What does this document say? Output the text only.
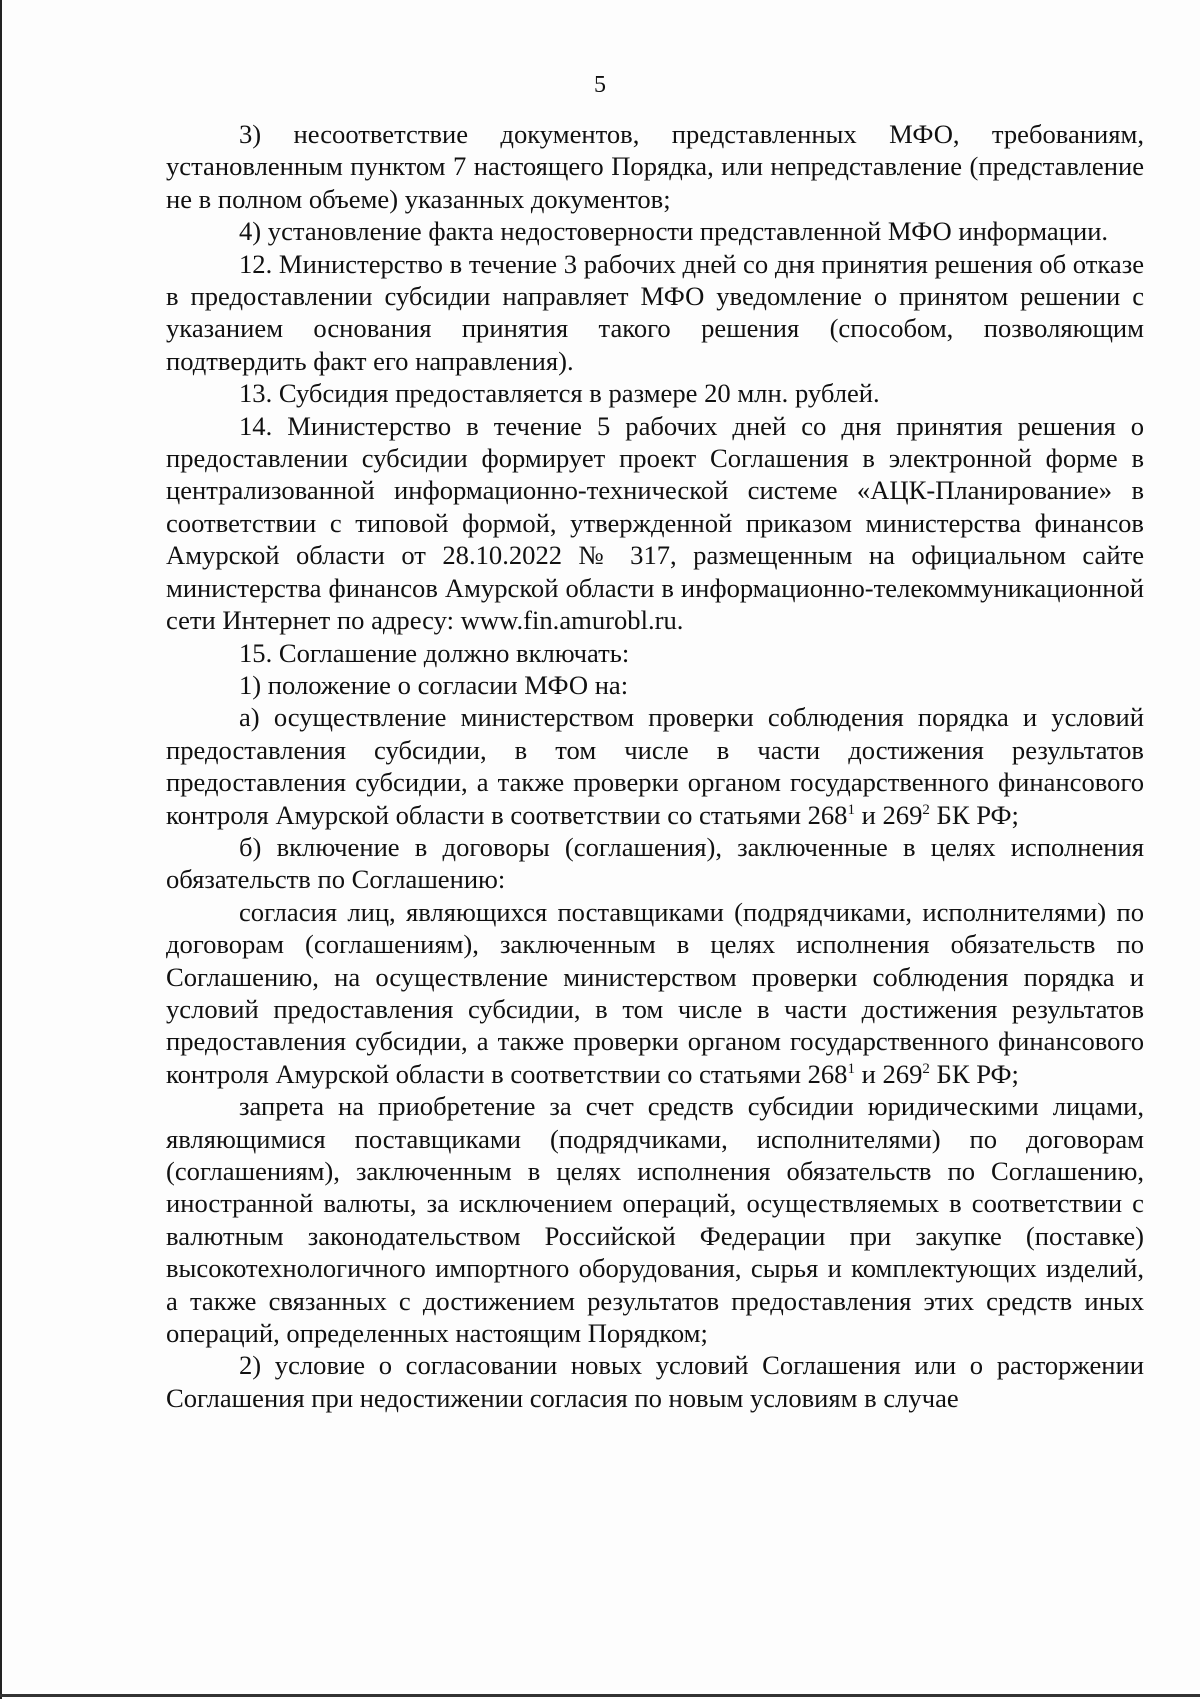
5

3) несоответствие документов, представленных МФО, требованиям, установленным пунктом 7 настоящего Порядка, или непредставление (представление не в полном объеме) указанных документов;

4) установление факта недостоверности представленной МФО информации.

12. Министерство в течение 3 рабочих дней со дня принятия решения об отказе в предоставлении субсидии направляет МФО уведомление о принятом решении с указанием основания принятия такого решения (способом, позволяющим подтвердить факт его направления).

13. Субсидия предоставляется в размере 20 млн. рублей.

14. Министерство в течение 5 рабочих дней со дня принятия решения о предоставлении субсидии формирует проект Соглашения в электронной форме в централизованной информационно-технической системе «АЦК-Планирование» в соответствии с типовой формой, утвержденной приказом министерства финансов Амурской области от 28.10.2022 № 317, размещенным на официальном сайте министерства финансов Амурской области в информационно-телекоммуникационной сети Интернет по адресу: www.fin.amurobl.ru.

15. Соглашение должно включать:

1) положение о согласии МФО на:

а) осуществление министерством проверки соблюдения порядка и условий предоставления субсидии, в том числе в части достижения результатов предоставления субсидии, а также проверки органом государственного финансового контроля Амурской области в соответствии со статьями $268^1$ и $269^2$ БК РФ;

б) включение в договоры (соглашения), заключенные в целях исполнения обязательств по Соглашению:

согласия лиц, являющихся поставщиками (подрядчиками, исполнителями) по договорам (соглашениям), заключенным в целях исполнения обязательств по Соглашению, на осуществление министерством проверки соблюдения порядка и условий предоставления субсидии, в том числе в части достижения результатов предоставления субсидии, а также проверки органом государственного финансового контроля Амурской области в соответствии со статьями $268^1$ и $269^2$ БК РФ;

запрета на приобретение за счет средств субсидии юридическими лицами, являющимися поставщиками (подрядчиками, исполнителями) по договорам (соглашениям), заключенным в целях исполнения обязательств по Соглашению, иностранной валюты, за исключением операций, осуществляемых в соответствии с валютным законодательством Российской Федерации при закупке (поставке) высокотехнологичного импортного оборудования, сырья и комплектующих изделий, а также связанных с достижением результатов предоставления этих средств иных операций, определенных настоящим Порядком;

2) условие о согласовании новых условий Соглашения или о расторжении Соглашения при недостижении согласия по новым условиям в случае
